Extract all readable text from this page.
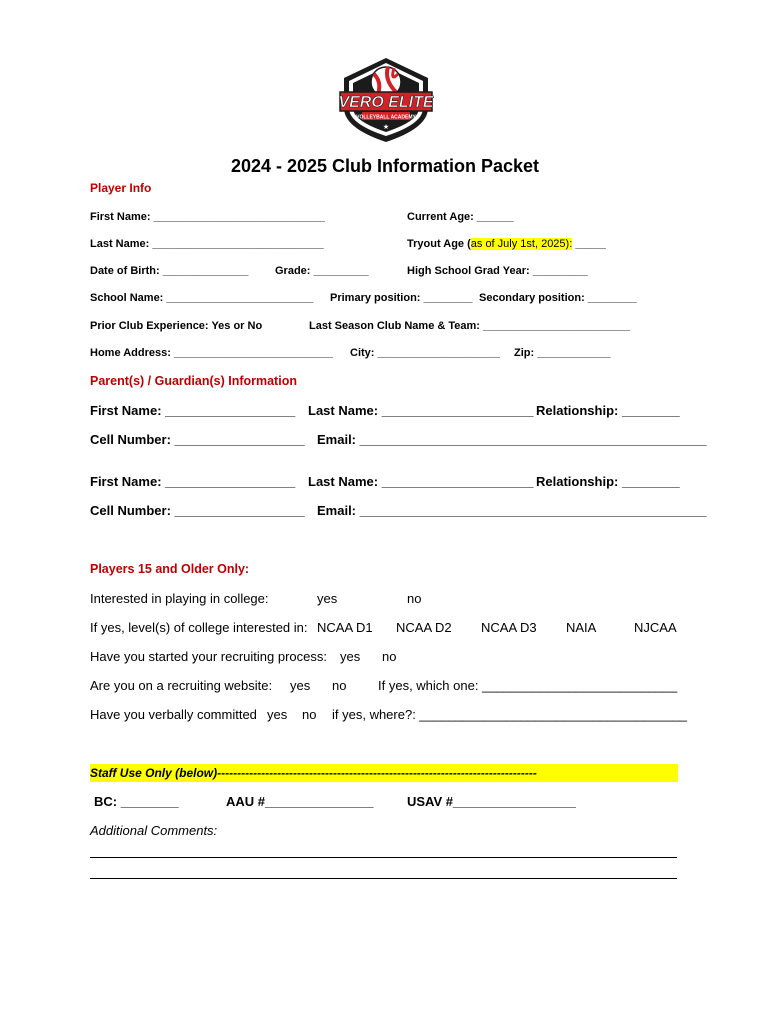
VERO ELITE
VOLLEYBALL ACADEMY
★
2024 - 2025 Club Information Packet
Player Info
First Name: ____________________________	Current Age: ______
Last Name: ____________________________	Tryout Age (as of July 1st, 2025): _____
Date of Birth: ______________ Grade: _________	High School Grad Year: _________
School Name: ________________________ Primary position: ________ Secondary position: ________
Prior Club Experience: Yes or No	Last Season Club Name & Team: ________________________
Home Address: __________________________ City: ____________________ Zip: ____________
Parent(s) / Guardian(s) Information
First Name: __________________ Last Name: _____________________ Relationship: ________
Cell Number: __________________ Email: ________________________________________________
First Name: __________________ Last Name: _____________________ Relationship: ________
Cell Number: __________________ Email: ________________________________________________
Players 15 and Older Only:
Interested in playing in college:	yes	no
If yes, level(s) of college interested in: NCAA D1 NCAA D2 NCAA D3 NAIA	NJCAA
Have you started your recruiting process: yes no
Are you on a recruiting website: yes no If yes, which one: ___________________________
Have you verbally committed yes no if yes, where?: _____________________________________
Staff Use Only (below)--------------------------------------------------------------------------------
BC: ________	AAU #_______________	USAV #_________________
Additional Comments:
